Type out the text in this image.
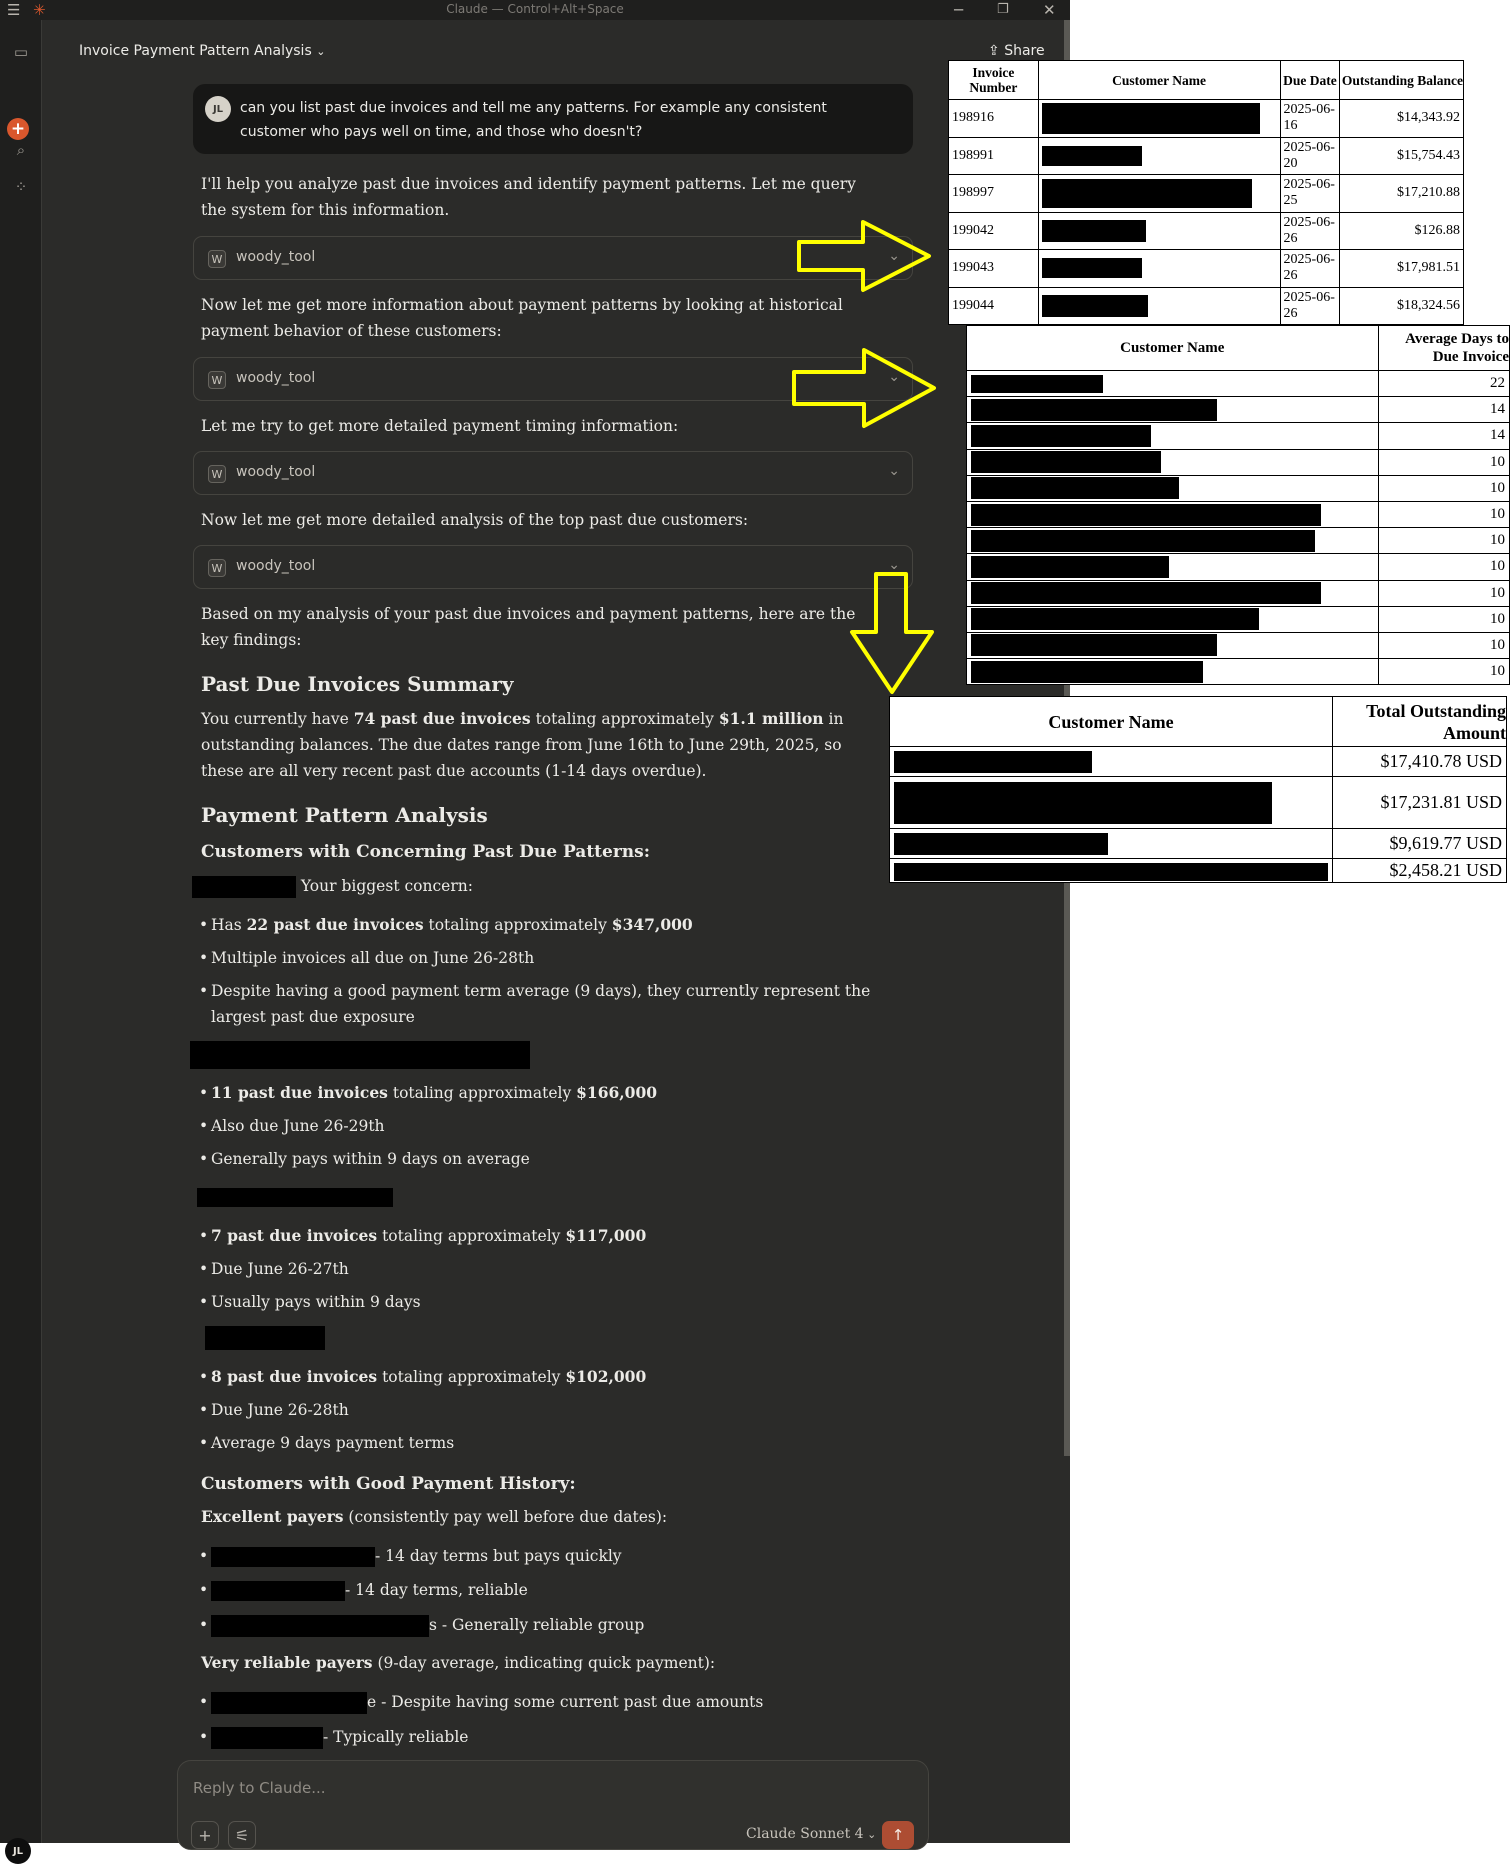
☰ ✳	Claude — Control+Alt+Space	─	❐ ✕
▭
+
⌕
⁘
JL
Invoice Payment Pattern Analysis ⌄	⇪ Share
JL	can you list past due invoices and tell me any patterns. For example any consistent customer who pays well on time, and those who doesn't?
I'll help you analyze past due invoices and identify payment patterns. Let me query the system for this information.
W woody_tool	⌄
Now let me get more information about payment patterns by looking at historical payment behavior of these customers:
W woody_tool	⌄
Let me try to get more detailed payment timing information:
W woody_tool	⌄
Now let me get more detailed analysis of the top past due customers:
W woody_tool	⌄
Based on my analysis of your past due invoices and payment patterns, here are the key findings:
Past Due Invoices Summary
You currently have 74 past due invoices totaling approximately $1.1 million in outstanding balances. The due dates range from June 16th to June 29th, 2025, so these are all very recent past due accounts (1-14 days overdue).
Payment Pattern Analysis
Customers with Concerning Past Due Patterns:
Your biggest concern:
• Has 22 past due invoices totaling approximately $347,000
• Multiple invoices all due on June 26-28th
• Despite having a good payment term average (9 days), they currently represent the largest past due exposure
• 11 past due invoices totaling approximately $166,000
• Also due June 26-29th
• Generally pays within 9 days on average
• 7 past due invoices totaling approximately $117,000
• Due June 26-27th
• Usually pays within 9 days
• 8 past due invoices totaling approximately $102,000
• Due June 26-28th
• Average 9 days payment terms
Customers with Good Payment History:
Excellent payers (consistently pay well before due dates):
• - 14 day terms but pays quickly
• - 14 day terms, reliable
• s - Generally reliable group
Very reliable payers (9-day average, indicating quick payment):
• e - Despite having some current past due amounts
• - Typically reliable
Reply to Claude...
+ ⚟	Claude Sonnet 4 ⌄ ↑
Invoice Number	Customer Name	Due Date	Outstanding Balance
198916		2025-06-16	$14,343.92
198991		2025-06-20	$15,754.43
198997		2025-06-25	$17,210.88
199042		2025-06-26	$126.88
199043		2025-06-26	$17,981.51
199044		2025-06-26	$18,324.56
Customer Name	Average Days to Due Invoice
	22
	14
	14
	10
	10
	10
	10
	10
	10
	10
	10
	10
Customer Name	Total Outstanding Amount
	$17,410.78 USD
	$17,231.81 USD
	$9,619.77 USD
	$2,458.21 USD
